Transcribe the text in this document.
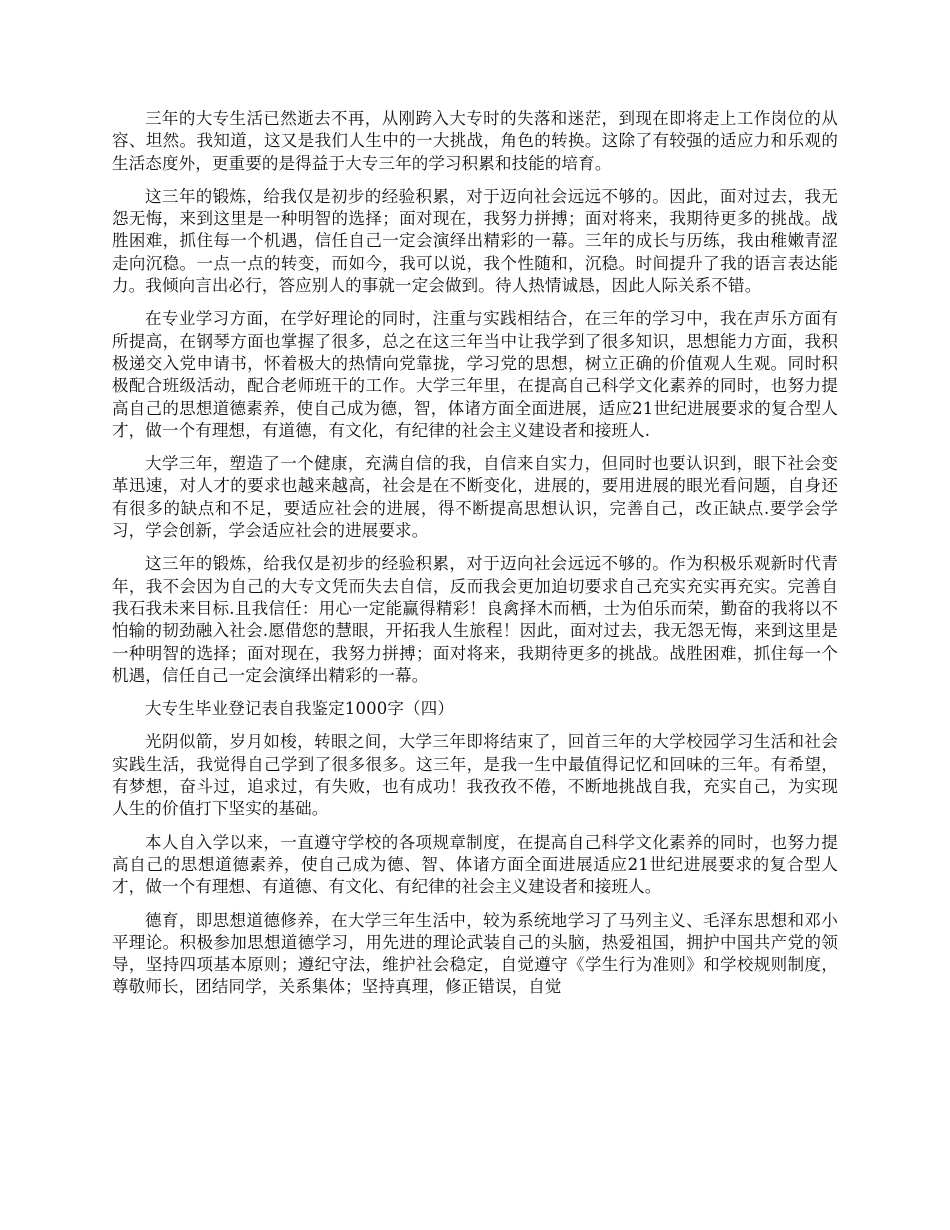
三年的大专生活已然逝去不再，从刚跨入大专时的失落和迷茫，到现在即将走上工作岗位的从容、坦然。我知道，这又是我们人生中的一大挑战，角色的转换。这除了有较强的适应力和乐观的生活态度外，更重要的是得益于大专三年的学习积累和技能的培育。

这三年的锻炼，给我仅是初步的经验积累，对于迈向社会远远不够的。因此，面对过去，我无怨无悔，来到这里是一种明智的选择；面对现在，我努力拼搏；面对将来，我期待更多的挑战。战胜困难，抓住每一个机遇，信任自己一定会演绎出精彩的一幕。三年的成长与历练，我由稚嫩青涩走向沉稳。一点一点的转变，而如今，我可以说，我个性随和，沉稳。时间提升了我的语言表达能力。我倾向言出必行，答应别人的事就一定会做到。待人热情诚恳，因此人际关系不错。

在专业学习方面，在学好理论的同时，注重与实践相结合，在三年的学习中，我在声乐方面有所提高，在钢琴方面也掌握了很多，总之在这三年当中让我学到了很多知识，思想能力方面，我积极递交入党申请书，怀着极大的热情向党靠拢，学习党的思想，树立正确的价值观人生观。同时积极配合班级活动，配合老师班干的工作。大学三年里，在提高自己科学文化素养的同时，也努力提高自己的思想道德素养，使自己成为德，智，体诸方面全面进展，适应21世纪进展要求的复合型人才，做一个有理想，有道德，有文化，有纪律的社会主义建设者和接班人.

大学三年，塑造了一个健康，充满自信的我，自信来自实力，但同时也要认识到，眼下社会变革迅速，对人才的要求也越来越高，社会是在不断变化，进展的，要用进展的眼光看问题，自身还有很多的缺点和不足，要适应社会的进展，得不断提高思想认识，完善自己，改正缺点.要学会学习，学会创新，学会适应社会的进展要求。

这三年的锻炼，给我仅是初步的经验积累，对于迈向社会远远不够的。作为积极乐观新时代青年，我不会因为自己的大专文凭而失去自信，反而我会更加迫切要求自己充实充实再充实。完善自我石我未来目标.且我信任：用心一定能赢得精彩！良禽择木而栖，士为伯乐而荣，勤奋的我将以不怕输的韧劲融入社会.愿借您的慧眼，开拓我人生旅程！因此，面对过去，我无怨无悔，来到这里是一种明智的选择；面对现在，我努力拼搏；面对将来，我期待更多的挑战。战胜困难，抓住每一个机遇，信任自己一定会演绎出精彩的一幕。

大专生毕业登记表自我鉴定1000字（四）

光阴似箭，岁月如梭，转眼之间，大学三年即将结束了，回首三年的大学校园学习生活和社会实践生活，我觉得自己学到了很多很多。这三年，是我一生中最值得记忆和回味的三年。有希望，有梦想，奋斗过，追求过，有失败，也有成功！我孜孜不倦，不断地挑战自我，充实自己，为实现人生的价值打下坚实的基础。

本人自入学以来，一直遵守学校的各项规章制度，在提高自己科学文化素养的同时，也努力提高自己的思想道德素养，使自己成为德、智、体诸方面全面进展适应21世纪进展要求的复合型人才，做一个有理想、有道德、有文化、有纪律的社会主义建设者和接班人。

德育，即思想道德修养，在大学三年生活中，较为系统地学习了马列主义、毛泽东思想和邓小平理论。积极参加思想道德学习，用先进的理论武装自己的头脑，热爱祖国，拥护中国共产党的领导，坚持四项基本原则；遵纪守法，维护社会稳定，自觉遵守《学生行为准则》和学校规则制度，尊敬师长，团结同学，关系集体；坚持真理，修正错误，自觉
